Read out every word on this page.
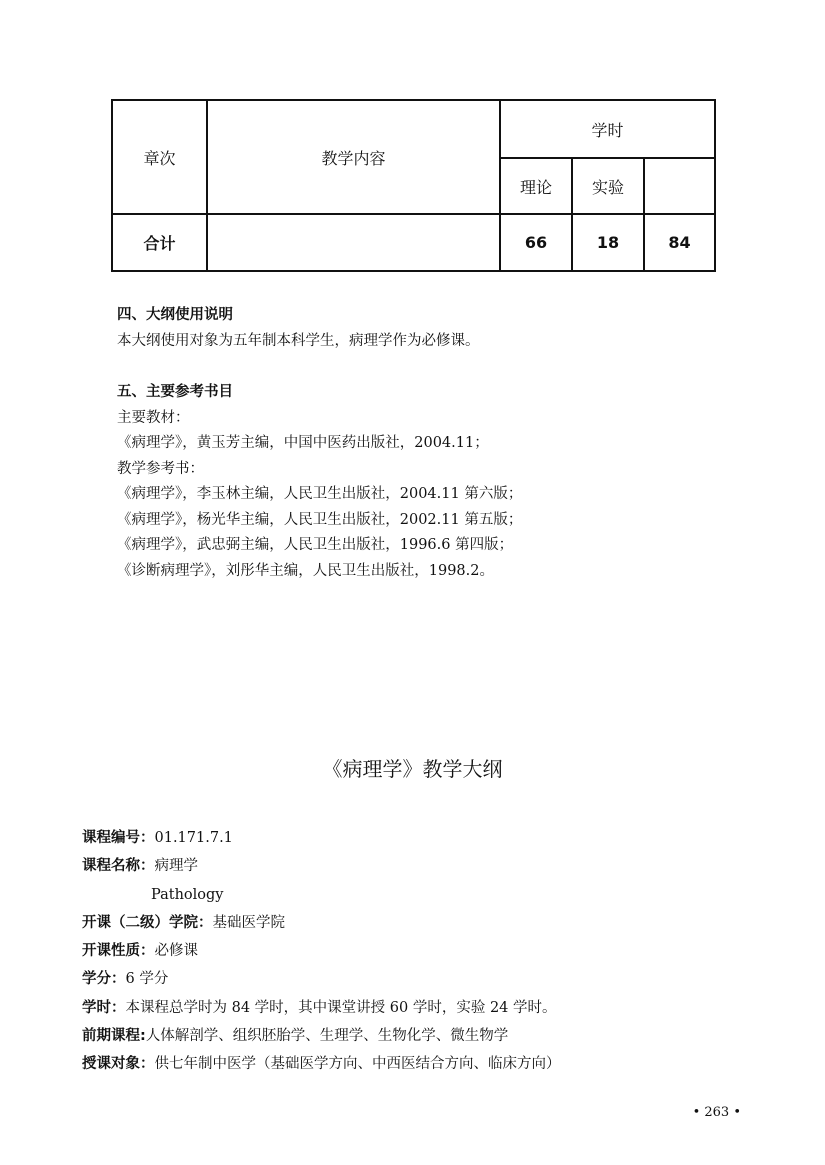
章次	教学内容	学时		
		理论	实验	
合计		66	18	84
四、大纲使用说明
本大纲使用对象为五年制本科学生，病理学作为必修课。
五、主要参考书目
主要教材：
《病理学》，黄玉芳主编，中国中医药出版社，2004.11；
教学参考书：
《病理学》，李玉林主编，人民卫生出版社，2004.11 第六版；
《病理学》，杨光华主编，人民卫生出版社，2002.11 第五版；
《病理学》，武忠弼主编，人民卫生出版社，1996.6 第四版；
《诊断病理学》，刘彤华主编，人民卫生出版社，1998.2。
《病理学》教学大纲
课程编号：01.171.7.1
课程名称：病理学
Pathology
开课（二级）学院：基础医学院
开课性质：必修课
学分：6 学分
学时：本课程总学时为 84 学时，其中课堂讲授 60 学时，实验 24 学时。
前期课程:人体解剖学、组织胚胎学、生理学、生物化学、微生物学
授课对象：供七年制中医学（基础医学方向、中西医结合方向、临床方向）
• 263 •
